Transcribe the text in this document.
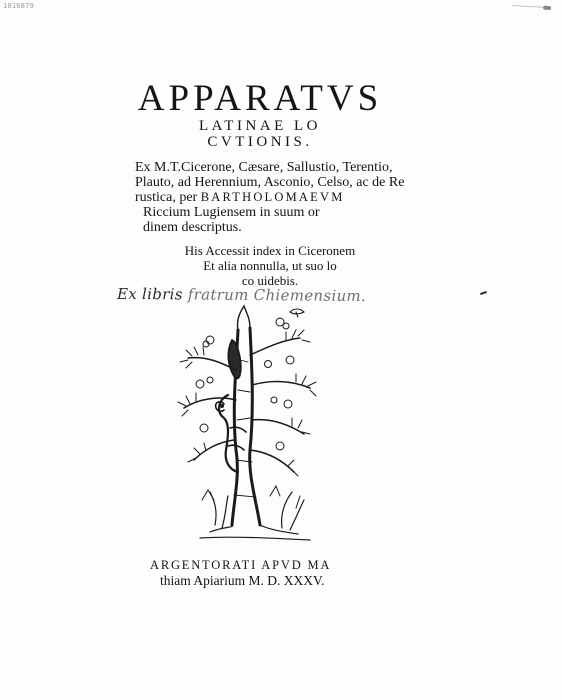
1016879
APPARATVS
LATINAE LO
CVTIONIS.
Ex M.T.Cicerone, Cæsare, Sallustio, Terentio,
Plauto, ad Herennium, Asconio, Celso, ac de Re
rustica, per BARTHOLOMAEVM
Riccium Lugiensem in suum or
dinem descriptus.
His Accessit index in Ciceronem
Et alia nonnulla, ut suo lo
co uidebis.
Ex libris fratrum Chiemensium.
ARGENTORATI APVD MA
thiam Apiarium M. D. XXXV.
